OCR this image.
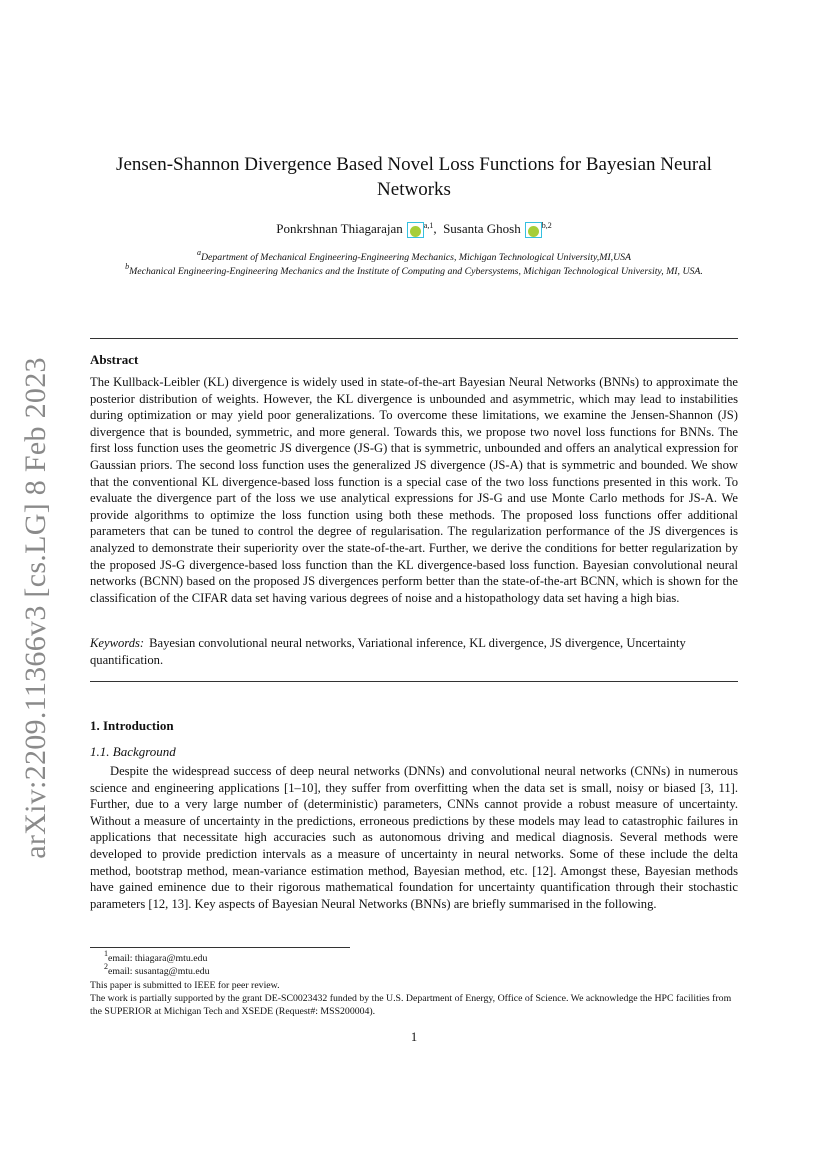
arXiv:2209.11366v3 [cs.LG] 8 Feb 2023
Jensen-Shannon Divergence Based Novel Loss Functions for Bayesian Neural Networks
Ponkrshnan Thiagarajan	$^{a,1}$, Susanta Ghosh	$^{b,2}$
$^a$Department of Mechanical Engineering-Engineering Mechanics, Michigan Technological University,MI,USA
$^b$Mechanical Engineering-Engineering Mechanics and the Institute of Computing and Cybersystems, Michigan Technological University, MI, USA.
Abstract
The Kullback-Leibler (KL) divergence is widely used in state-of-the-art Bayesian Neural Networks (BNNs) to approximate the posterior distribution of weights. However, the KL divergence is unbounded and asymmetric, which may lead to instabilities during optimization or may yield poor generalizations. To overcome these limitations, we examine the Jensen-Shannon (JS) divergence that is bounded, symmetric, and more general. Towards this, we propose two novel loss functions for BNNs. The first loss function uses the geometric JS divergence (JS-G) that is symmetric, unbounded and offers an analytical expression for Gaussian priors. The second loss function uses the generalized JS divergence (JS-A) that is symmetric and bounded. We show that the conventional KL divergence-based loss function is a special case of the two loss functions presented in this work. To evaluate the divergence part of the loss we use analytical expressions for JS-G and use Monte Carlo methods for JS-A. We provide algorithms to optimize the loss function using both these methods. The proposed loss functions offer additional parameters that can be tuned to control the degree of regularisation. The regularization performance of the JS divergences is analyzed to demonstrate their superiority over the state-of-the-art. Further, we derive the conditions for better regularization by the proposed JS-G divergence-based loss function than the KL divergence-based loss function. Bayesian convolutional neural networks (BCNN) based on the proposed JS divergences perform better than the state-of-the-art BCNN, which is shown for the classification of the CIFAR data set having various degrees of noise and a histopathology data set having a high bias.
Keywords: Bayesian convolutional neural networks, Variational inference, KL divergence, JS divergence, Uncertainty quantification.
1. Introduction
1.1. Background

Despite the widespread success of deep neural networks (DNNs) and convolutional neural networks (CNNs) in numerous science and engineering applications [1–10], they suffer from overfitting when the data set is small, noisy or biased [3, 11]. Further, due to a very large number of (deterministic) parameters, CNNs cannot provide a robust measure of uncertainty. Without a measure of uncertainty in the predictions, erroneous predictions by these models may lead to catastrophic failures in applications that necessitate high accuracies such as autonomous driving and medical diagnosis. Several methods were developed to provide prediction intervals as a measure of uncertainty in neural networks. Some of these include the delta method, bootstrap method, mean-variance estimation method, Bayesian method, etc. [12]. Amongst these, Bayesian methods have gained eminence due to their rigorous mathematical foundation for uncertainty quantification through their stochastic parameters [12, 13]. Key aspects of Bayesian Neural Networks (BNNs) are briefly summarised in the following.

$^1$email: thiagara@mtu.edu
$^2$email: susantag@mtu.edu
This paper is submitted to IEEE for peer review.
The work is partially supported by the grant DE-SC0023432 funded by the U.S. Department of Energy, Office of Science. We acknowledge the HPC facilities from the SUPERIOR at Michigan Tech and XSEDE (Request#: MSS200004).
1
